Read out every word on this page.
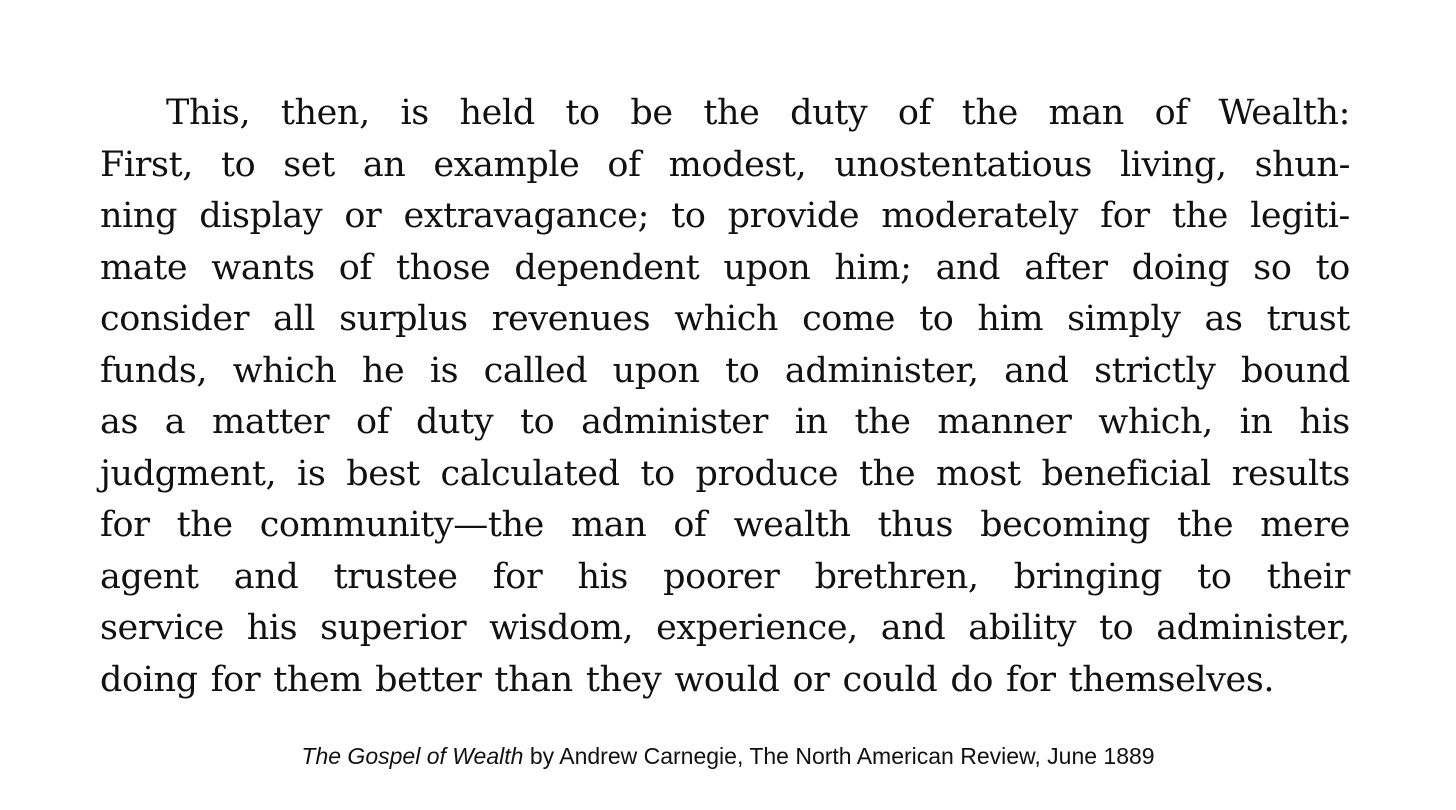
This, then, is held to be the duty of the man of Wealth:
First, to set an example of modest, unostentatious living, shun-
ning display or extravagance; to provide moderately for the legiti-
mate wants of those dependent upon him; and after doing so to
consider all surplus revenues which come to him simply as trust
funds, which he is called upon to administer, and strictly bound
as a matter of duty to administer in the manner which, in his
judgment, is best calculated to produce the most beneficial results
for the community—the man of wealth thus becoming the mere
agent and trustee for his poorer brethren, bringing to their
service his superior wisdom, experience, and ability to administer,
doing for them better than they would or could do for themselves.
The Gospel of Wealth by Andrew Carnegie, The North American Review, June 1889
